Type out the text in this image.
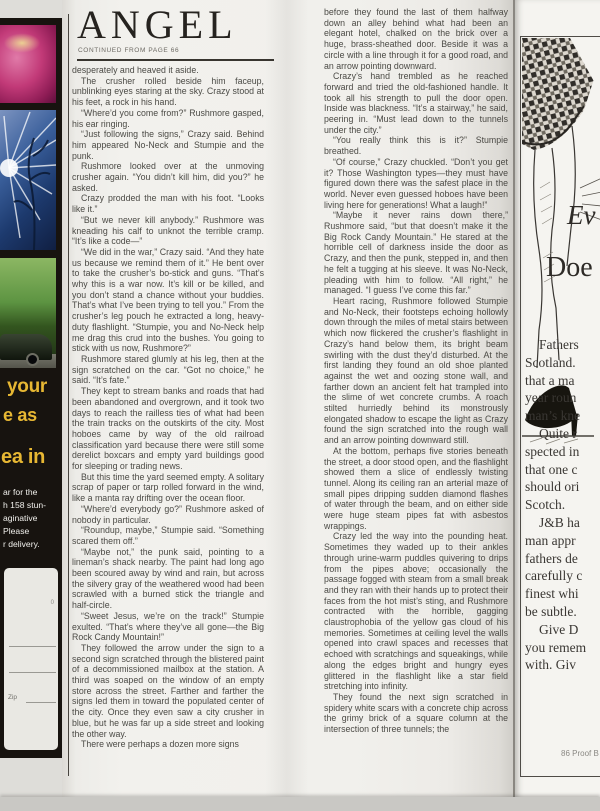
your
e as
ea in
ar for the
h 158 stun-
aginative
Please
r delivery.
0
Zip
ANGEL
CONTINUED FROM PAGE 66

desperately and heaved it aside.

The crusher rolled beside him faceup, unblinking eyes staring at the sky. Crazy stood at his feet, a rock in his hand.

“Where’d you come from?” Rushmore gasped, his ear ringing.

“Just following the signs,” Crazy said. Behind him appeared No-Neck and Stumpie and the punk.

Rushmore looked over at the unmoving crusher again. “You didn’t kill him, did you?” he asked.

Crazy prodded the man with his foot. “Looks like it.”

“But we never kill anybody.” Rushmore was kneading his calf to unknot the terrible cramp. “It’s like a code—”

“We did in the war,” Crazy said. “And they hate us because we remind them of it.” He bent over to take the crusher’s bo-stick and guns. “That’s why this is a war now. It’s kill or be killed, and you don’t stand a chance without your buddies. That’s what I’ve been trying to tell you.” From the crusher’s leg pouch he extracted a long, heavy-duty flashlight. “Stumpie, you and No-Neck help me drag this crud into the bushes. You going to stick with us now, Rushmore?”

Rushmore stared glumly at his leg, then at the sign scratched on the car. “Got no choice,” he said. “It’s fate.”

They kept to stream banks and roads that had been abandoned and overgrown, and it took two days to reach the railless ties of what had been the train tracks on the outskirts of the city. Most hoboes came by way of the old railroad classification yard because there were still some derelict boxcars and empty yard buildings good for sleeping or trading news.

But this time the yard seemed empty. A solitary scrap of paper or tarp rolled forward in the wind, like a manta ray drifting over the ocean floor.

“Where’d everybody go?” Rushmore asked of nobody in particular.

“Roundup, maybe,” Stumpie said. “Something scared them off.”

“Maybe not,” the punk said, pointing to a lineman’s shack nearby. The paint had long ago been scoured away by wind and rain, but across the silvery gray of the weathered wood had been scrawled with a burned stick the triangle and half-circle.

“Sweet Jesus, we’re on the track!” Stumpie exulted. “That’s where they’ve all gone—the Big Rock Candy Mountain!”

They followed the arrow under the sign to a second sign scratched through the blistered paint of a decommissioned mailbox at the station. A third was soaped on the window of an empty store across the street. Farther and farther the signs led them in toward the populated center of the city. Once they even saw a city crusher in blue, but he was far up a side street and looking the other way.

There were perhaps a dozen more signs

before they found the last of them halfway down an alley behind what had been an elegant hotel, chalked on the brick over a huge, brass-sheathed door. Beside it was a circle with a line through it for a good road, and an arrow pointing downward.

Crazy’s hand trembled as he reached forward and tried the old-fashioned handle. It took all his strength to pull the door open. Inside was blackness. “It’s a stairway,” he said, peering in. “Must lead down to the tunnels under the city.”

“You really think this is it?” Stumpie breathed.

“Of course,” Crazy chuckled. “Don’t you get it? Those Washington types—they must have figured down there was the safest place in the world. Never even guessed hoboes have been living here for generations! What a laugh!”

“Maybe it never rains down there,” Rushmore said, “but that doesn’t make it the Big Rock Candy Mountain.” He stared at the horrible cell of darkness inside the door as Crazy, and then the punk, stepped in, and then he felt a tugging at his sleeve. It was No-Neck, pleading with him to follow. “All right,” he managed. “I guess I’ve come this far.”

Heart racing, Rushmore followed Stumpie and No-Neck, their footsteps echoing hollowly down through the miles of metal stairs between which now flickered the crusher’s flashlight in Crazy’s hand below them, its bright beam swirling with the dust they’d disturbed. At the first landing they found an old shoe planted against the wet and oozing stone wall, and farther down an ancient felt hat trampled into the slime of wet concrete crumbs. A roach stilted hurriedly behind its monstrously elongated shadow to escape the light as Crazy found the sign scratched into the rough wall and an arrow pointing downward still.

At the bottom, perhaps five stories beneath the street, a door stood open, and the flashlight showed them a slice of endlessly twisting tunnel. Along its ceiling ran an arterial maze of small pipes dripping sudden diamond flashes of water through the beam, and on either side were huge steam pipes fat with asbestos wrappings.

Crazy led the way into the pounding heat. Sometimes they waded up to their ankles through urine-warm puddles quivering to drips from the pipes above; occasionally the passage fogged with steam from a small break and they ran with their hands up to protect their faces from the hot mist’s sting, and Rushmore contracted with the horrible, gagging claustrophobia of the yellow gas cloud of his memories. Sometimes at ceiling level the walls opened into crawl spaces and recesses that echoed with scratchings and squeakings, while along the edges bright and hungry eyes glittered in the flashlight like a star field stretching into infinity.

They found the next sign scratched in spidery white scars with a concrete chip across the grimy brick of a square column at the intersection of three tunnels; the

Ev
Doe
Fathers
Scotland.
that a ma
year roun
man’s kne
Quite r
spected in
that one c
should ori
Scotch.
J&B ha
man appr
fathers de
carefully c
finest whi
be subtle.
Give D
you remem
with. Giv
86 Proof B
